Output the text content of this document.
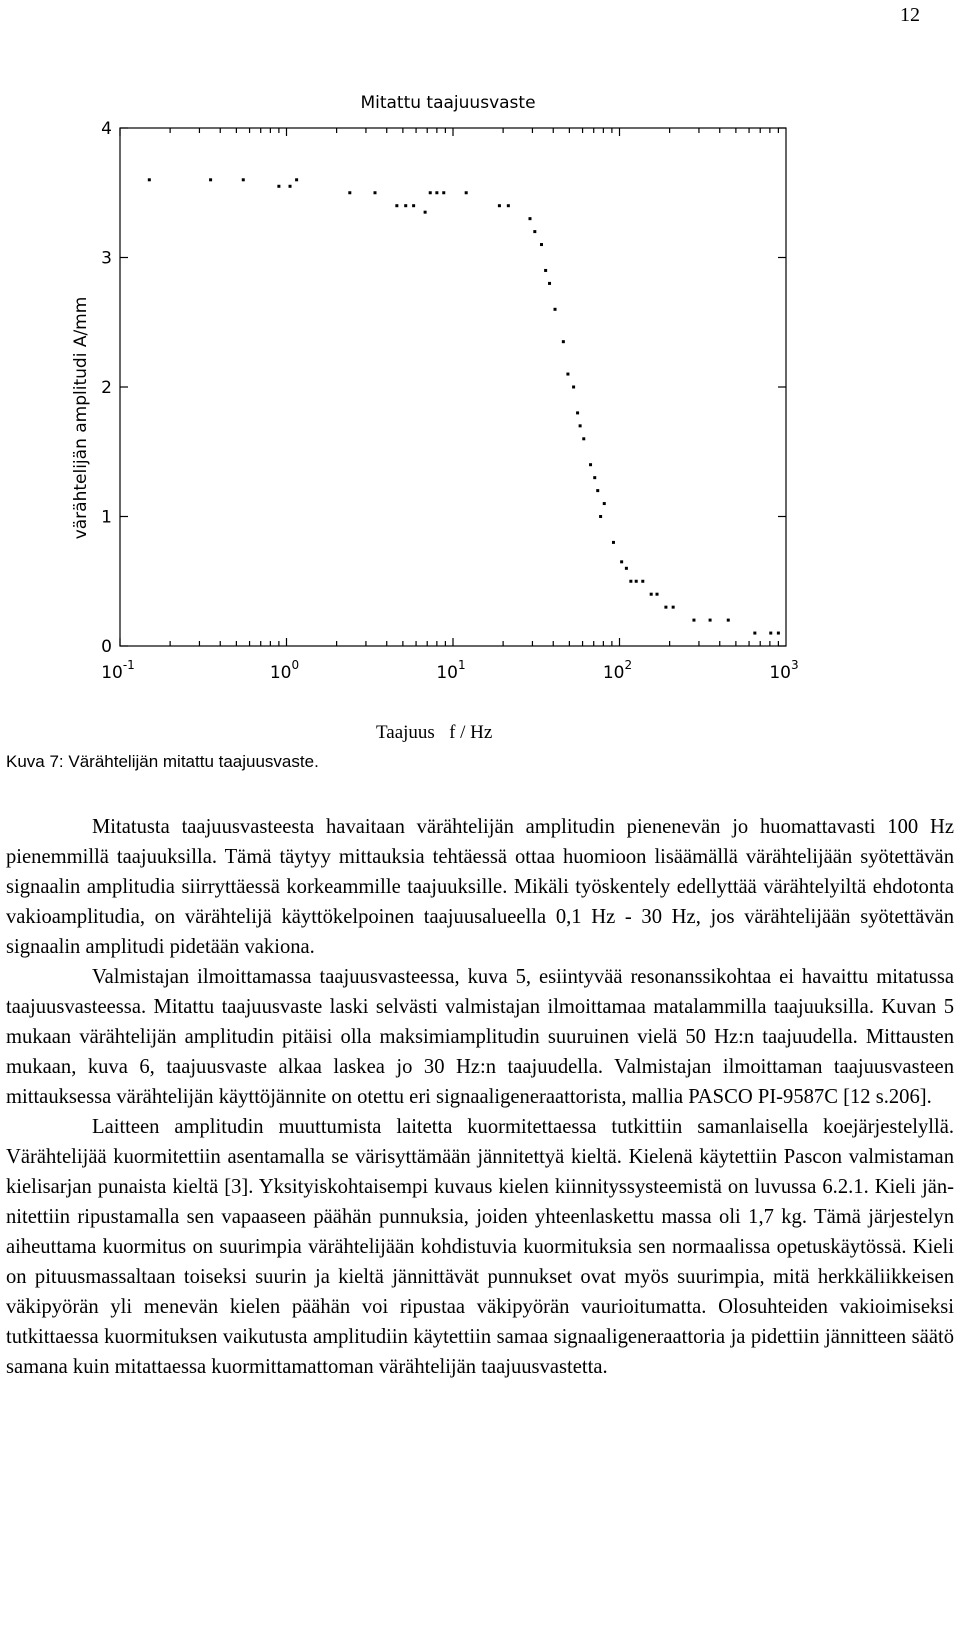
12
Mitattu taajuusvaste
värähtelijän amplitudi A/mm
$10^{-1}$	$10^0$	$10^1$	$10^2$	$10^3$
0
1
2
3
4
Taajuus   f / Hz
Kuva 7: Värähtelijän mitattu taajuusvaste.

Mitatusta taajuusvasteesta havaitaan värähtelijän amplitudin pienenevän jo huomattavasti 100 Hz pienemmillä taajuuksilla. Tämä täytyy mittauksia tehtäessä ottaa huomioon lisäämällä värähtelijään syötettävän signaalin amplitudia siirryttäessä korkeammille taajuuksille. Mikäli työskentely edellyttää värähtelyiltä ehdotonta vakioamplitudia, on värähtelijä käyttökelpoinen taajuusalueella 0,1 Hz - 30 Hz, jos värähtelijään syötettävän signaalin amplitudi pidetään vakiona.

Valmistajan ilmoittamassa taajuusvasteessa, kuva 5, esiintyvää resonanssikohtaa ei havaittu mitatussa taajuusvasteessa. Mitattu taajuusvaste laski selvästi valmistajan ilmoittamaa matalammilla taajuuksilla. Kuvan 5 mukaan värähtelijän amplitudin pitäisi olla maksimiamplitudin suuruinen vielä 50 Hz:n taajuudella. Mittausten mukaan, kuva 6, taajuusvaste alkaa laskea jo 30 Hz:n taajuudella. Valmistajan ilmoittaman taajuusvasteen mittauksessa värähtelijän käyttöjännite on otettu eri signaaligeneraattorista, mallia PASCO PI-9587C [12 s.206].

Laitteen amplitudin muuttumista laitetta kuormitettaessa tutkittiin samanlaisella koejärjestelyllä. Värähtelijää kuormitettiin asentamalla se värisyttämään jännitettyä kieltä. Kielenä käytettiin Pascon valmistaman kielisarjan punaista kieltä [3]. Yksityiskohtaisempi kuvaus kielen kiinnityssysteemistä on luvussa 6.2.1. Kieli jännitettiin ripustamalla sen vapaaseen päähän punnuksia, joiden yhteenlaskettu massa oli 1,7 kg. Tämä järjestelyn aiheuttama kuormitus on suurimpia värähtelijään kohdistuvia kuormituksia sen normaalissa opetuskäytössä. Kieli on pituusmassaltaan toiseksi suurin ja kieltä jännittävät punnukset ovat myös suurimpia, mitä herkkäliikkeisen väkipyörän yli menevän kielen päähän voi ripustaa väkipyörän vaurioitumatta. Olosuhteiden vakioimiseksi tutkittaessa kuormituksen vaikutusta amplitudiin käytettiin samaa signaaligeneraattoria ja pidettiin jännitteen säätö samana kuin mitattaessa kuormittamattoman värähtelijän taajuusvastetta.
